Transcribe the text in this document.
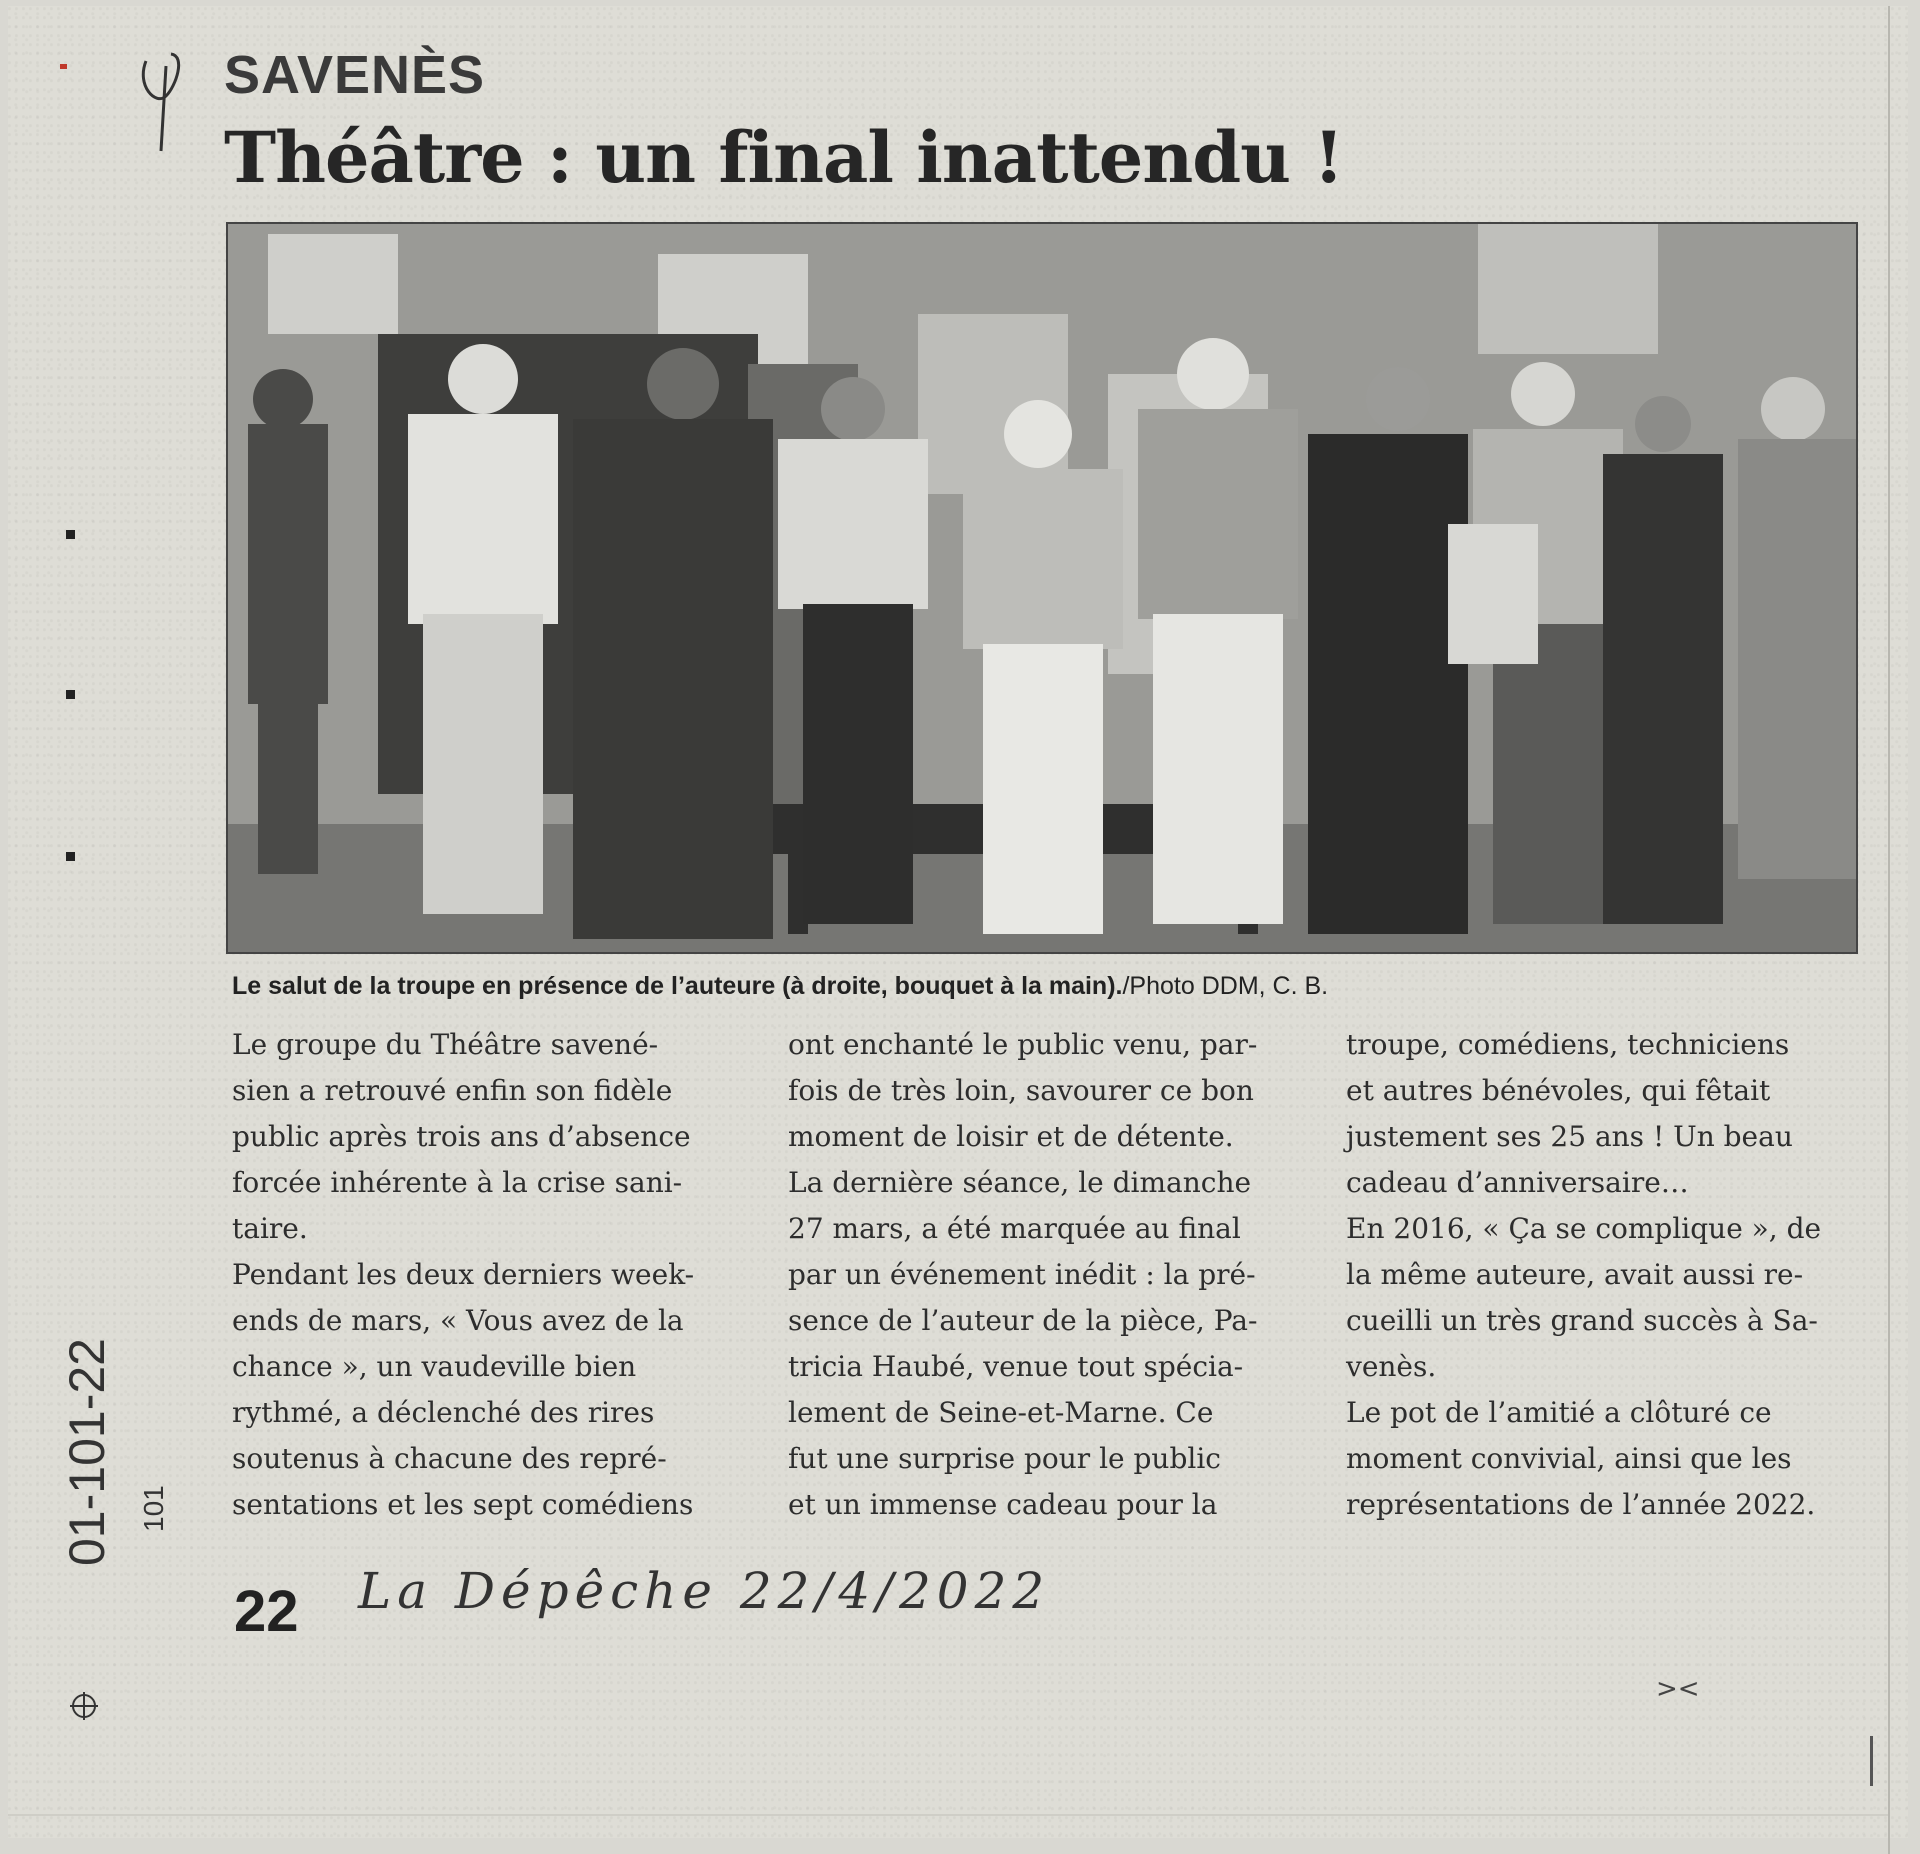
SAVENÈS
Théâtre : un final inattendu !
Le salut de la troupe en présence de l’auteure (à droite, bouquet à la main)./Photo DDM, C. B.

Le groupe du Théâtre savené-
sien a retrouvé enfin son fidèle
public après trois ans d’absence
forcée inhérente à la crise sani-
taire.
Pendant les deux derniers week-
ends de mars, « Vous avez de la
chance », un vaudeville bien
rythmé, a déclenché des rires
soutenus à chacune des repré-
sentations et les sept comédiens

ont enchanté le public venu, par-
fois de très loin, savourer ce bon
moment de loisir et de détente.
La dernière séance, le dimanche
27 mars, a été marquée au final
par un événement inédit : la pré-
sence de l’auteur de la pièce, Pa-
tricia Haubé, venue tout spécia-
lement de Seine-et-Marne. Ce
fut une surprise pour le public
et un immense cadeau pour la

troupe, comédiens, techniciens
et autres bénévoles, qui fêtait
justement ses 25 ans ! Un beau
cadeau d’anniversaire…
En 2016, « Ça se complique », de
la même auteure, avait aussi re-
cueilli un très grand succès à Sa-
venès.
Le pot de l’amitié a clôturé ce
moment convivial, ainsi que les
représentations de l’année 2022.

01-101-22 101
22 La Dépêche 22/4/2022
><
